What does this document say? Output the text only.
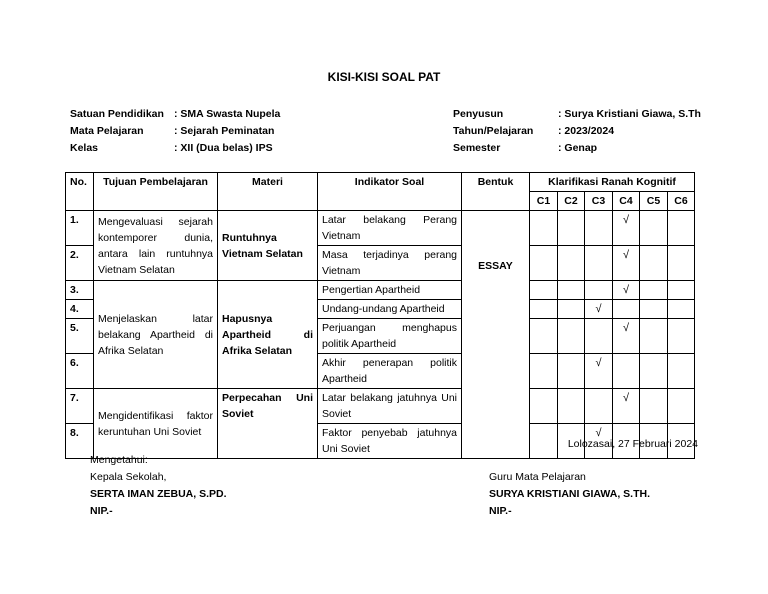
KISI-KISI SOAL PAT
Satuan Pendidikan : SMA Swasta Nupela
Mata Pelajaran	: Sejarah Peminatan
Kelas	: XII (Dua belas) IPS
Penyusun	: Surya Kristiani Giawa, S.Th
Tahun/Pelajaran	: 2023/2024
Semester	: Genap
No.	Tujuan Pembelajaran	Materi	Indikator Soal	Bentuk	Klarifikasi Ranah Kognitif					
					C1	C2	C3	C4	C5	C6
1.	Mengevaluasi sejarah kontemporer dunia, antara lain runtuhnya Vietnam Selatan	Runtuhnya Vietnam Selatan	Latar belakang Perang Vietnam	ESSAY				√		
2.			Masa terjadinya perang Vietnam					√		
3.	Menjelaskan latar belakang Apartheid di Afrika Selatan	Hapusnya Apartheid di Afrika Selatan	Pengertian Apartheid					√		
4.			Undang-undang Apartheid				√			
5.			Perjuangan menghapus politik Apartheid					√		
6.			Akhir penerapan politik Apartheid				√			
7.	Mengidentifikasi faktor keruntuhan Uni Soviet	Perpecahan Uni Soviet	Latar belakang jatuhnya Uni Soviet					√		
8.			Faktor penyebab jatuhnya Uni Soviet				√			
Lolozasai, 27 Februari 2024
Mengetahui:
Kepala Sekolah,
SERTA IMAN ZEBUA, S.PD.
NIP.-
Guru Mata Pelajaran
SURYA KRISTIANI GIAWA, S.TH.
NIP.-
